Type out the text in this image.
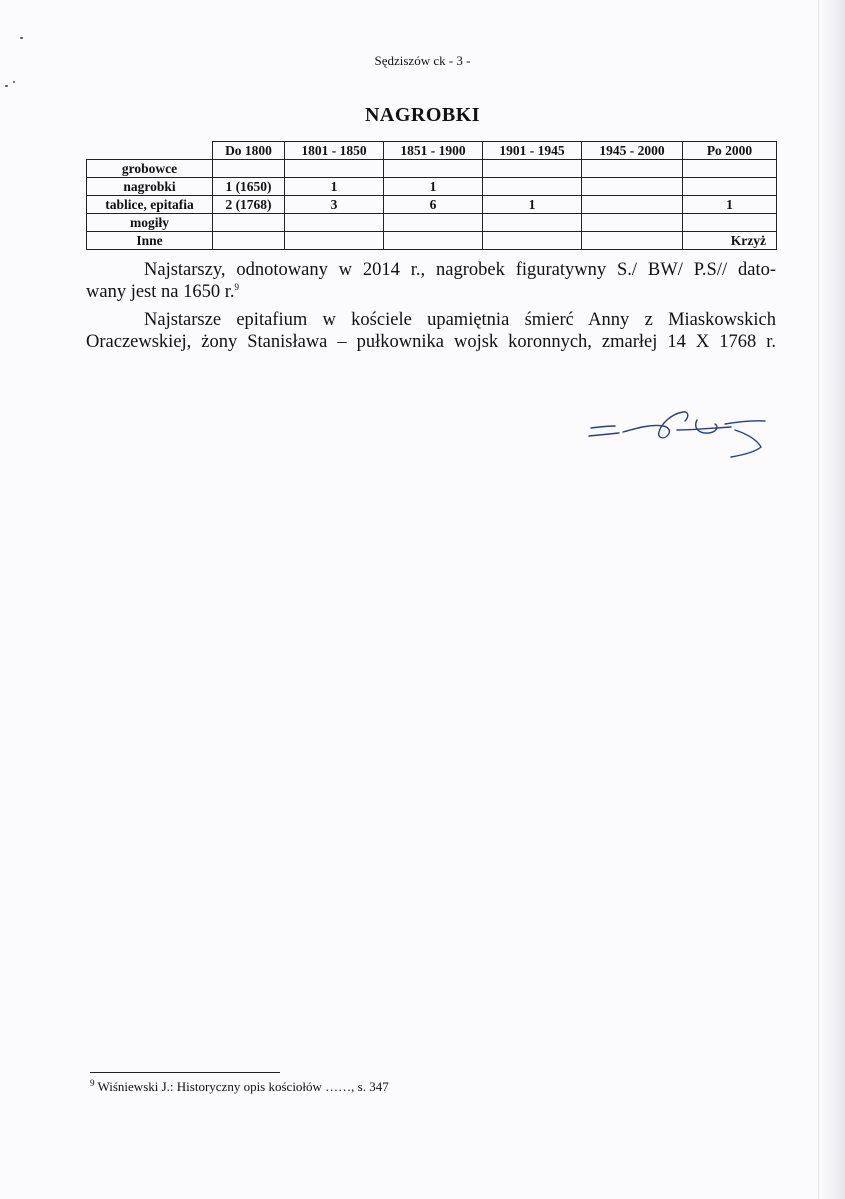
Sędziszów ck - 3 -
NAGROBKI
	Do 1800	1801 - 1850	1851 - 1900	1901 - 1945	1945 - 2000	Po 2000
grobowce						
nagrobki	1 (1650)	1	1			
tablice, epitafia	2 (1768)	3	6	1		1
mogiły						
Inne						Krzyż
Najstarszy, odnotowany w 2014 r., nagrobek figuratywny S./ BW/ P.S// dato-
wany jest na 1650 r.$^9$
Najstarsze epitafium w kościele upamiętnia śmierć Anny z Miaskowskich
Oraczewskiej, żony Stanisława – pułkownika wojsk koronnych, zmarłej 14 X 1768 r.
$^9$ Wiśniewski J.: Historyczny opis kościołów ……, s. 347
